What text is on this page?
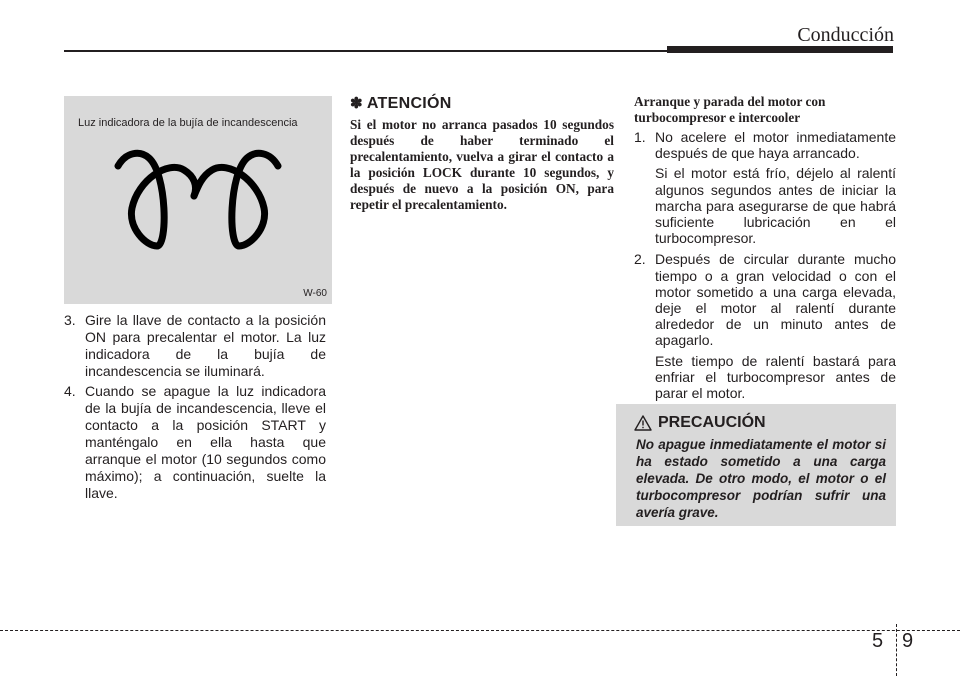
Conducción
Luz indicadora de la bujía de incandescencia
W-60
3. Gire la llave de contacto a la posición ON para precalentar el motor. La luz indicadora de la bujía de incandescencia se iluminará.
4. Cuando se apague la luz indicadora de la bujía de incandescencia, lleve el contacto a la posición START y manténgalo en ella hasta que arranque el motor (10 segundos como máximo); a continuación, suelte la llave.
✽ ATENCIÓN
Si el motor no arranca pasados 10 segundos después de haber terminado el precalentamiento, vuelva a girar el contacto a la posición LOCK durante 10 segundos, y después de nuevo a la posición ON, para repetir el precalentamiento.
Arranque y parada del motor con turbocompresor e intercooler
1. No acelere el motor inmediatamente después de que haya arrancado.

Si el motor está frío, déjelo al ralentí algunos segundos antes de iniciar la marcha para asegurarse de que habrá suficiente lubricación en el turbocompresor.

2. Después de circular durante mucho tiempo o a gran velocidad o con el motor sometido a una carga elevada, deje el motor al ralentí durante alrededor de un minuto antes de apagarlo.

Este tiempo de ralentí bastará para enfriar el turbocompresor antes de parar el motor.

PRECAUCIÓN
No apague inmediatamente el motor si ha estado sometido a una carga elevada. De otro modo, el motor o el turbocompresor podrían sufrir una avería grave.
5 9
